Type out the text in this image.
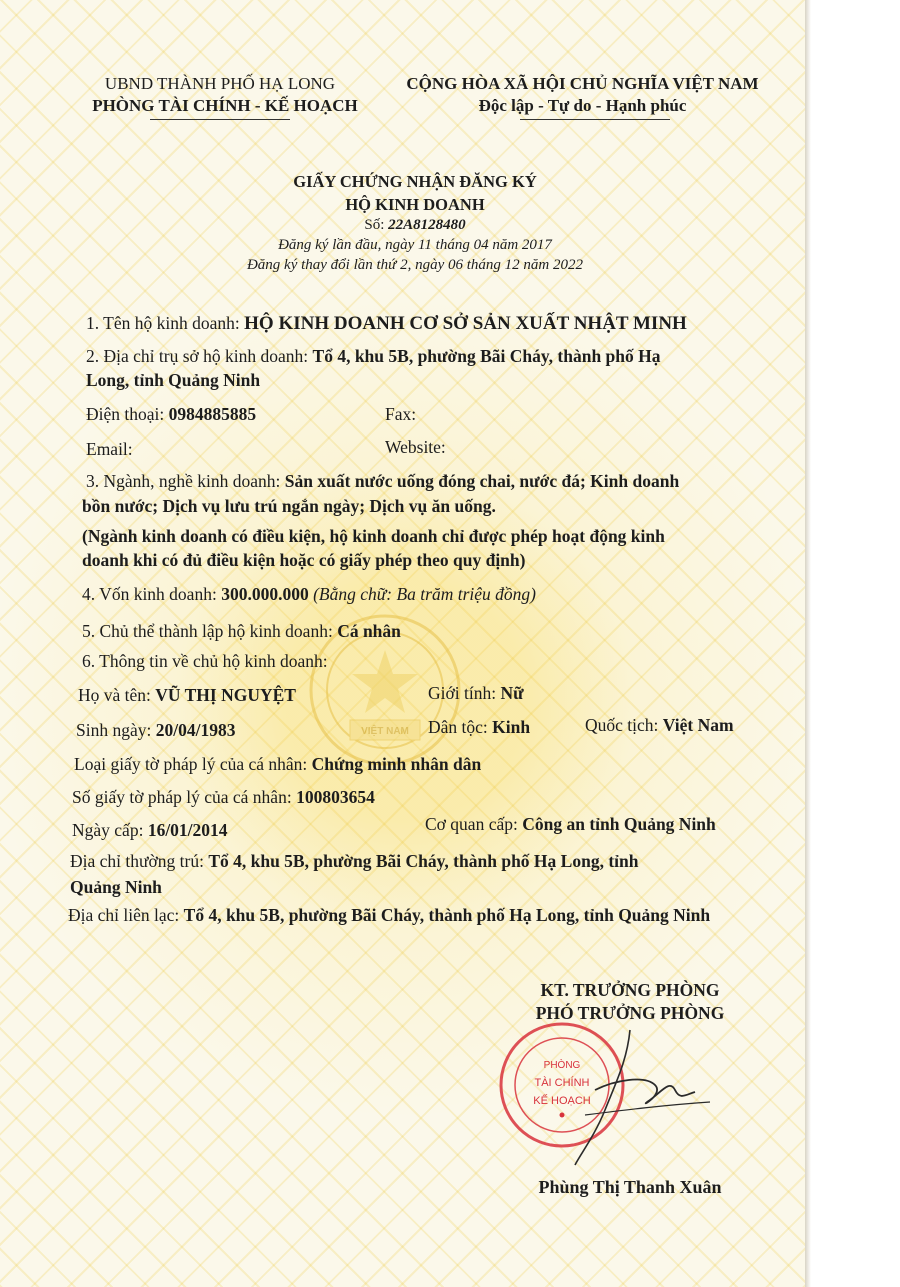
VIỆT NAM
UBND THÀNH PHỐ HẠ LONG
PHÒNG TÀI CHÍNH - KẾ HOẠCH
CỘNG HÒA XÃ HỘI CHỦ NGHĨA VIỆT NAM
Độc lập - Tự do - Hạnh phúc
GIẤY CHỨNG NHẬN ĐĂNG KÝ
HỘ KINH DOANH
Số: 22A8128480
Đăng ký lần đầu, ngày 11 tháng 04 năm 2017
Đăng ký thay đổi lần thứ 2, ngày 06 tháng 12 năm 2022
1. Tên hộ kinh doanh: HỘ KINH DOANH CƠ SỞ SẢN XUẤT NHẬT MINH
2. Địa chỉ trụ sở hộ kinh doanh: Tổ 4, khu 5B, phường Bãi Cháy, thành phố Hạ
Long, tỉnh Quảng Ninh
Điện thoại: 0984885885	Fax:
Email:	Website:
3. Ngành, nghề kinh doanh: Sản xuất nước uống đóng chai, nước đá; Kinh doanh
bồn nước; Dịch vụ lưu trú ngắn ngày; Dịch vụ ăn uống.
(Ngành kinh doanh có điều kiện, hộ kinh doanh chỉ được phép hoạt động kinh
doanh khi có đủ điều kiện hoặc có giấy phép theo quy định)
4. Vốn kinh doanh: 300.000.000 (Bằng chữ: Ba trăm triệu đồng)
5. Chủ thể thành lập hộ kinh doanh: Cá nhân
6. Thông tin về chủ hộ kinh doanh:
Họ và tên: VŨ THỊ NGUYỆT	Giới tính: Nữ
Sinh ngày: 20/04/1983	Dân tộc: Kinh	Quốc tịch: Việt Nam
Loại giấy tờ pháp lý của cá nhân: Chứng minh nhân dân
Số giấy tờ pháp lý của cá nhân: 100803654
Ngày cấp: 16/01/2014	Cơ quan cấp: Công an tỉnh Quảng Ninh
Địa chỉ thường trú: Tổ 4, khu 5B, phường Bãi Cháy, thành phố Hạ Long, tỉnh
Quảng Ninh
Địa chỉ liên lạc: Tổ 4, khu 5B, phường Bãi Cháy, thành phố Hạ Long, tỉnh Quảng Ninh
KT. TRƯỞNG PHÒNG
PHÓ TRƯỞNG PHÒNG
PHÒNG
TÀI CHÍNH
KẾ HOẠCH
Phùng Thị Thanh Xuân
